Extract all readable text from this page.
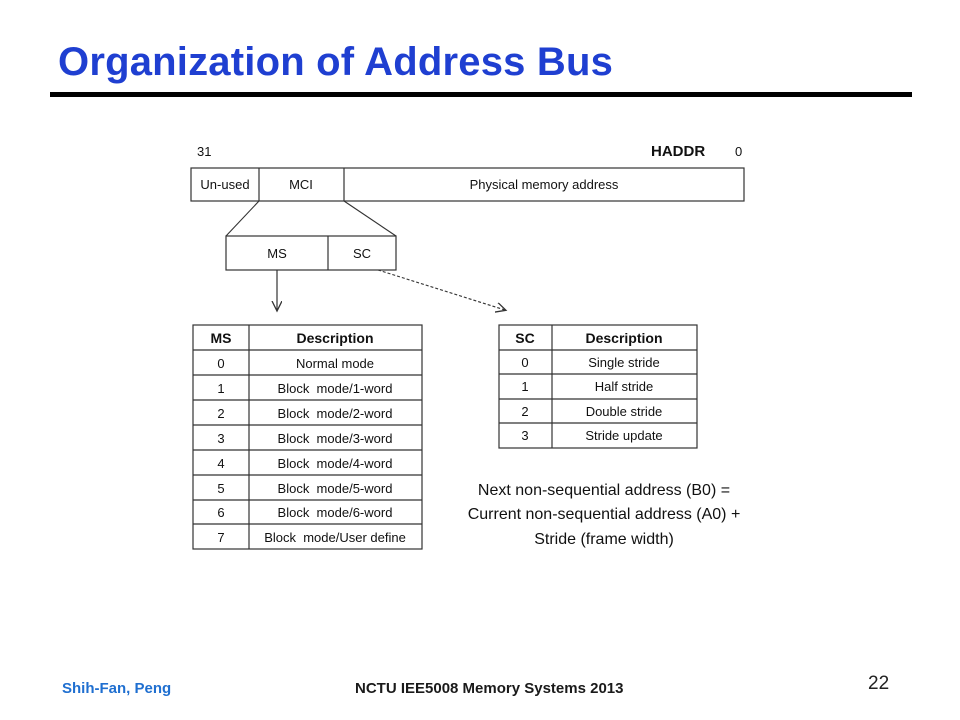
Organization of Address Bus
31	HADDR 0
Un-used	MCI	Physical memory address
MS	SC
MS	Description
0	Normal mode
1	Block  mode/1-word
2	Block  mode/2-word
3	Block  mode/3-word
4	Block  mode/4-word
5	Block  mode/5-word
6	Block  mode/6-word
7	Block  mode/User define
SC	Description
0	Single stride
1	Half stride
2	Double stride
3	Stride update
Next non-sequential address (B0) =
Current non-sequential address (A0) +
Stride (frame width)
Shih-Fan, Peng	NCTU IEE5008 Memory Systems 2013	22
